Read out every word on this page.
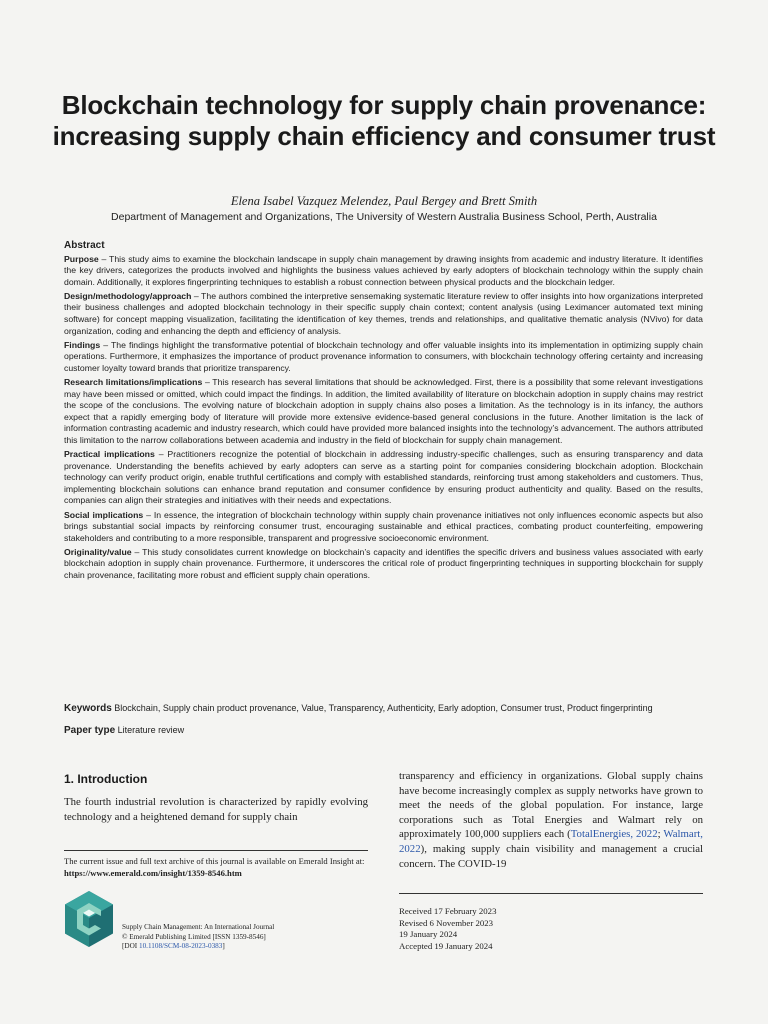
Blockchain technology for supply chain provenance: increasing supply chain efficiency and consumer trust
Elena Isabel Vazquez Melendez, Paul Bergey and Brett Smith
Department of Management and Organizations, The University of Western Australia Business School, Perth, Australia
Abstract

Purpose – This study aims to examine the blockchain landscape in supply chain management by drawing insights from academic and industry literature. It identifies the key drivers, categorizes the products involved and highlights the business values achieved by early adopters of blockchain technology within the supply chain domain. Additionally, it explores fingerprinting techniques to establish a robust connection between physical products and the blockchain ledger.

Design/methodology/approach – The authors combined the interpretive sensemaking systematic literature review to offer insights into how organizations interpreted their business challenges and adopted blockchain technology in their specific supply chain context; content analysis (using Leximancer automated text mining software) for concept mapping visualization, facilitating the identification of key themes, trends and relationships, and qualitative thematic analysis (NVivo) for data organization, coding and enhancing the depth and efficiency of analysis.

Findings – The findings highlight the transformative potential of blockchain technology and offer valuable insights into its implementation in optimizing supply chain operations. Furthermore, it emphasizes the importance of product provenance information to consumers, with blockchain technology offering certainty and increasing customer loyalty toward brands that prioritize transparency.

Research limitations/implications – This research has several limitations that should be acknowledged. First, there is a possibility that some relevant investigations may have been missed or omitted, which could impact the findings. In addition, the limited availability of literature on blockchain adoption in supply chains may restrict the scope of the conclusions. The evolving nature of blockchain adoption in supply chains also poses a limitation. As the technology is in its infancy, the authors expect that a rapidly emerging body of literature will provide more extensive evidence-based general conclusions in the future. Another limitation is the lack of information contrasting academic and industry research, which could have provided more balanced insights into the technology’s advancement. The authors attributed this limitation to the narrow collaborations between academia and industry in the field of blockchain for supply chain management.

Practical implications – Practitioners recognize the potential of blockchain in addressing industry-specific challenges, such as ensuring transparency and data provenance. Understanding the benefits achieved by early adopters can serve as a starting point for companies considering blockchain adoption. Blockchain technology can verify product origin, enable truthful certifications and comply with established standards, reinforcing trust among stakeholders and customers. Thus, implementing blockchain solutions can enhance brand reputation and consumer confidence by ensuring product authenticity and quality. Based on the results, companies can align their strategies and initiatives with their needs and expectations.

Social implications – In essence, the integration of blockchain technology within supply chain provenance initiatives not only influences economic aspects but also brings substantial social impacts by reinforcing consumer trust, encouraging sustainable and ethical practices, combating product counterfeiting, empowering stakeholders and contributing to a more responsible, transparent and progressive socioeconomic environment.

Originality/value – This study consolidates current knowledge on blockchain’s capacity and identifies the specific drivers and business values associated with early blockchain adoption in supply chain provenance. Furthermore, it underscores the critical role of product fingerprinting techniques in supporting blockchain for supply chain provenance, facilitating more robust and efficient supply chain operations.

Keywords Blockchain, Supply chain product provenance, Value, Transparency, Authenticity, Early adoption, Consumer trust, Product fingerprinting
Paper type Literature review
1. Introduction

The fourth industrial revolution is characterized by rapidly evolving technology and a heightened demand for supply chain

transparency and efficiency in organizations. Global supply chains have become increasingly complex as supply networks have grown to meet the needs of the global population. For instance, large corporations such as Total Energies and Walmart rely on approximately 100,000 suppliers each (TotalEnergies, 2022; Walmart, 2022), making supply chain visibility and management a crucial concern. The COVID-19

The current issue and full text archive of this journal is available on Emerald Insight at: https://www.emerald.com/insight/1359-8546.htm

Supply Chain Management: An International Journal
© Emerald Publishing Limited [ISSN 1359-8546]
[DOI 10.1108/SCM-08-2023-0383]
Received 17 February 2023
Revised 6 November 2023
19 January 2024
Accepted 19 January 2024
